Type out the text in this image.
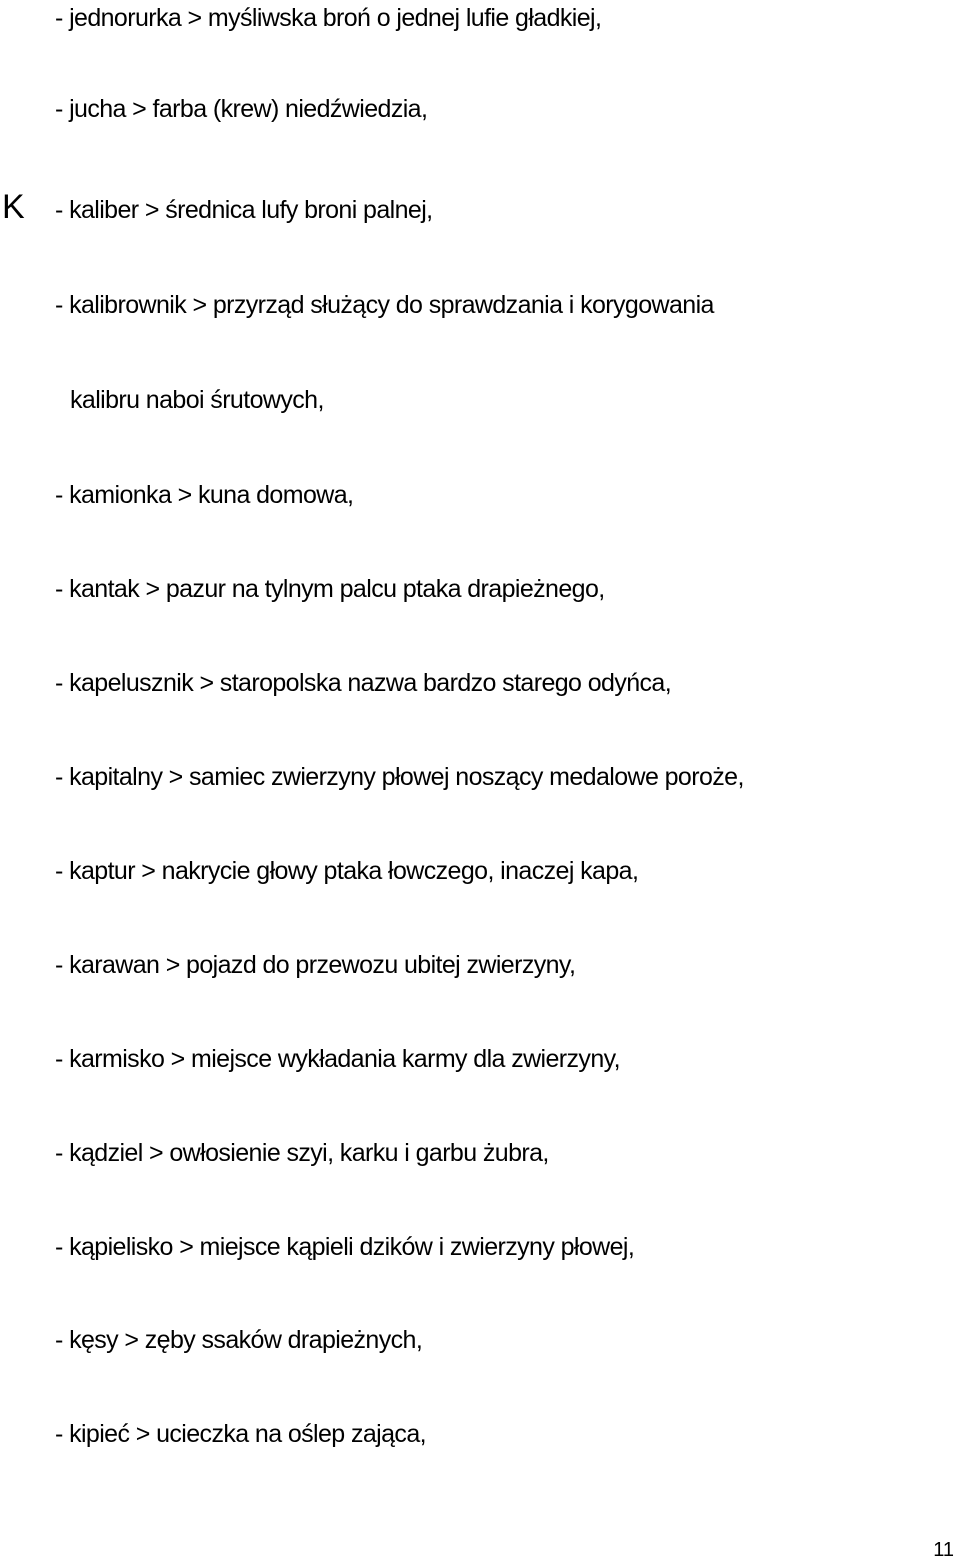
- jednorurka > myśliwska broń o jednej lufie gładkiej,
- jucha > farba (krew) niedźwiedzia,
K - kaliber > średnica lufy broni palnej,
- kalibrownik > przyrząd służący do sprawdzania i korygowania
kalibru naboi śrutowych,
- kamionka > kuna domowa,
- kantak > pazur na tylnym palcu ptaka drapieżnego,
- kapelusznik > staropolska nazwa bardzo starego odyńca,
- kapitalny > samiec zwierzyny płowej noszący medalowe poroże,
- kaptur > nakrycie głowy ptaka łowczego, inaczej kapa,
- karawan > pojazd do przewozu ubitej zwierzyny,
- karmisko > miejsce wykładania karmy dla zwierzyny,
- kądziel > owłosienie szyi, karku i garbu żubra,
- kąpielisko > miejsce kąpieli dzików i zwierzyny płowej,
- kęsy > zęby ssaków drapieżnych,
- kipieć > ucieczka na oślep zająca,
11
